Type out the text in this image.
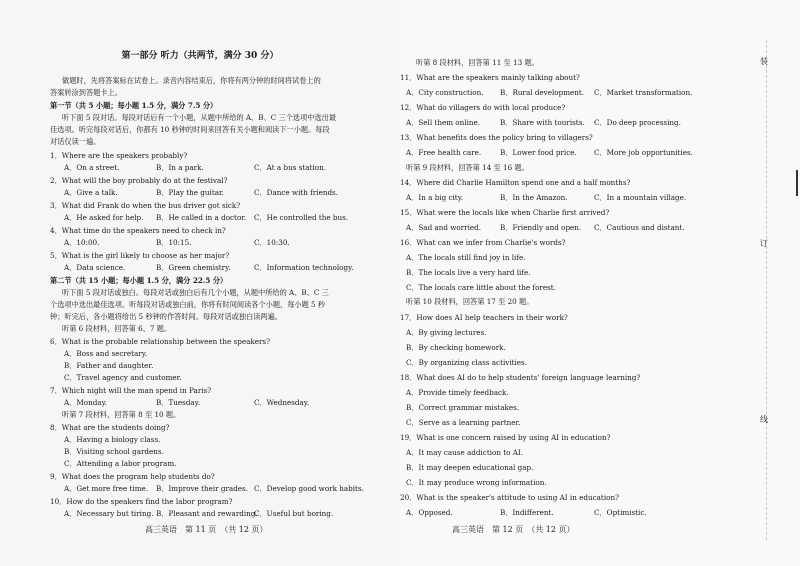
第一部分 听力（共两节，满分 30 分）
做题时，先将答案标在试卷上。录音内容结束后，你将有两分钟的时间将试卷上的
答案转涂到答题卡上。
第一节（共 5 小题；每小题 1.5 分，满分 7.5 分）
听下面 5 段对话。每段对话后有一个小题，从题中所给的 A、B、C 三个选项中选出最
佳选项。听完每段对话后，你都有 10 秒钟的时间来回答有关小题和阅读下一小题。每段
对话仅读一遍。
1．Where are the speakers probably?
A．On a street.	B．In a park.	C．At a bus station.
2．What will the boy probably do at the festival?
A．Give a talk.	B．Play the guitar.	C．Dance with friends.
3．What did Frank do when the bus driver got sick?
A．He asked for help. B．He called in a doctor. C．He controlled the bus.
4．What time do the speakers need to check in?
A．10:00.	B．10:15.	C．10:30.
5．What is the girl likely to choose as her major?
A．Data science.	B．Green chemistry.	C．Information technology.
第二节（共 15 小题；每小题 1.5 分，满分 22.5 分）
听下面 5 段对话或独白。每段对话或独白后有几个小题，从题中所给的 A、B、C 三
个选项中选出最佳选项。听每段对话或独白前，你将有时间阅读各个小题，每小题 5 秒
钟；听完后，各小题将给出 5 秒钟的作答时间。每段对话或独白读两遍。
听第 6 段材料，回答第 6、7 题。
6．What is the probable relationship between the speakers?
A．Boss and secretary.
B．Father and daughter.
C．Travel agency and customer.
7．Which night will the man spend in Paris?
A．Monday.	B．Tuesday.	C．Wednesday.
听第 7 段材料，回答第 8 至 10 题。
8．What are the students doing?
A．Having a biology class.
B．Visiting school gardens.
C．Attending a labor program.
9．What does the program help students do?
A．Get more free time. B．Improve their grades. C．Develop good work habits.
10．How do the speakers find the labor program?
A．Necessary but tiring. B．Pleasant and rewarding.
C．Useful but boring.
高三英语　第 11 页　（共 12 页）
听第 8 段材料，回答第 11 至 13 题。
11．What are the speakers mainly talking about?
A．City construction. B．Rural development. C．Market transformation.
12．What do villagers do with local produce?
A．Sell them online.	B．Share with tourists. C．Do deep processing.
13．What benefits does the policy bring to villagers?
A．Free health care.	B．Lower food price. C．More job opportunities.
听第 9 段材料，回答第 14 至 16 题。
14．Where did Charlie Hamilton spend one and a half months?
A．In a big city.	B．In the Amazon.	C．In a mountain village.
15．What were the locals like when Charlie first arrived?
A．Sad and worried.	B．Friendly and open. C．Cautious and distant.
16．What can we infer from Charlie's words?
A．The locals still find joy in life.
B．The locals live a very hard life.
C．The locals care little about the forest.
听第 10 段材料，回答第 17 至 20 题。
17．How does AI help teachers in their work?
A．By giving lectures.
B．By checking homework.
C．By organizing class activities.
18．What does AI do to help students' foreign language learning?
A．Provide timely feedback.
B．Correct grammar mistakes.
C．Serve as a learning partner.
19．What is one concern raised by using AI in education?
A．It may cause addiction to AI.
B．It may deepen educational gap.
C．It may produce wrong information.
20．What is the speaker's attitude to using AI in education?
A．Opposed.	B．Indifferent.	C．Optimistic.
高三英语　第 12 页　（共 12 页）
装
订
线
